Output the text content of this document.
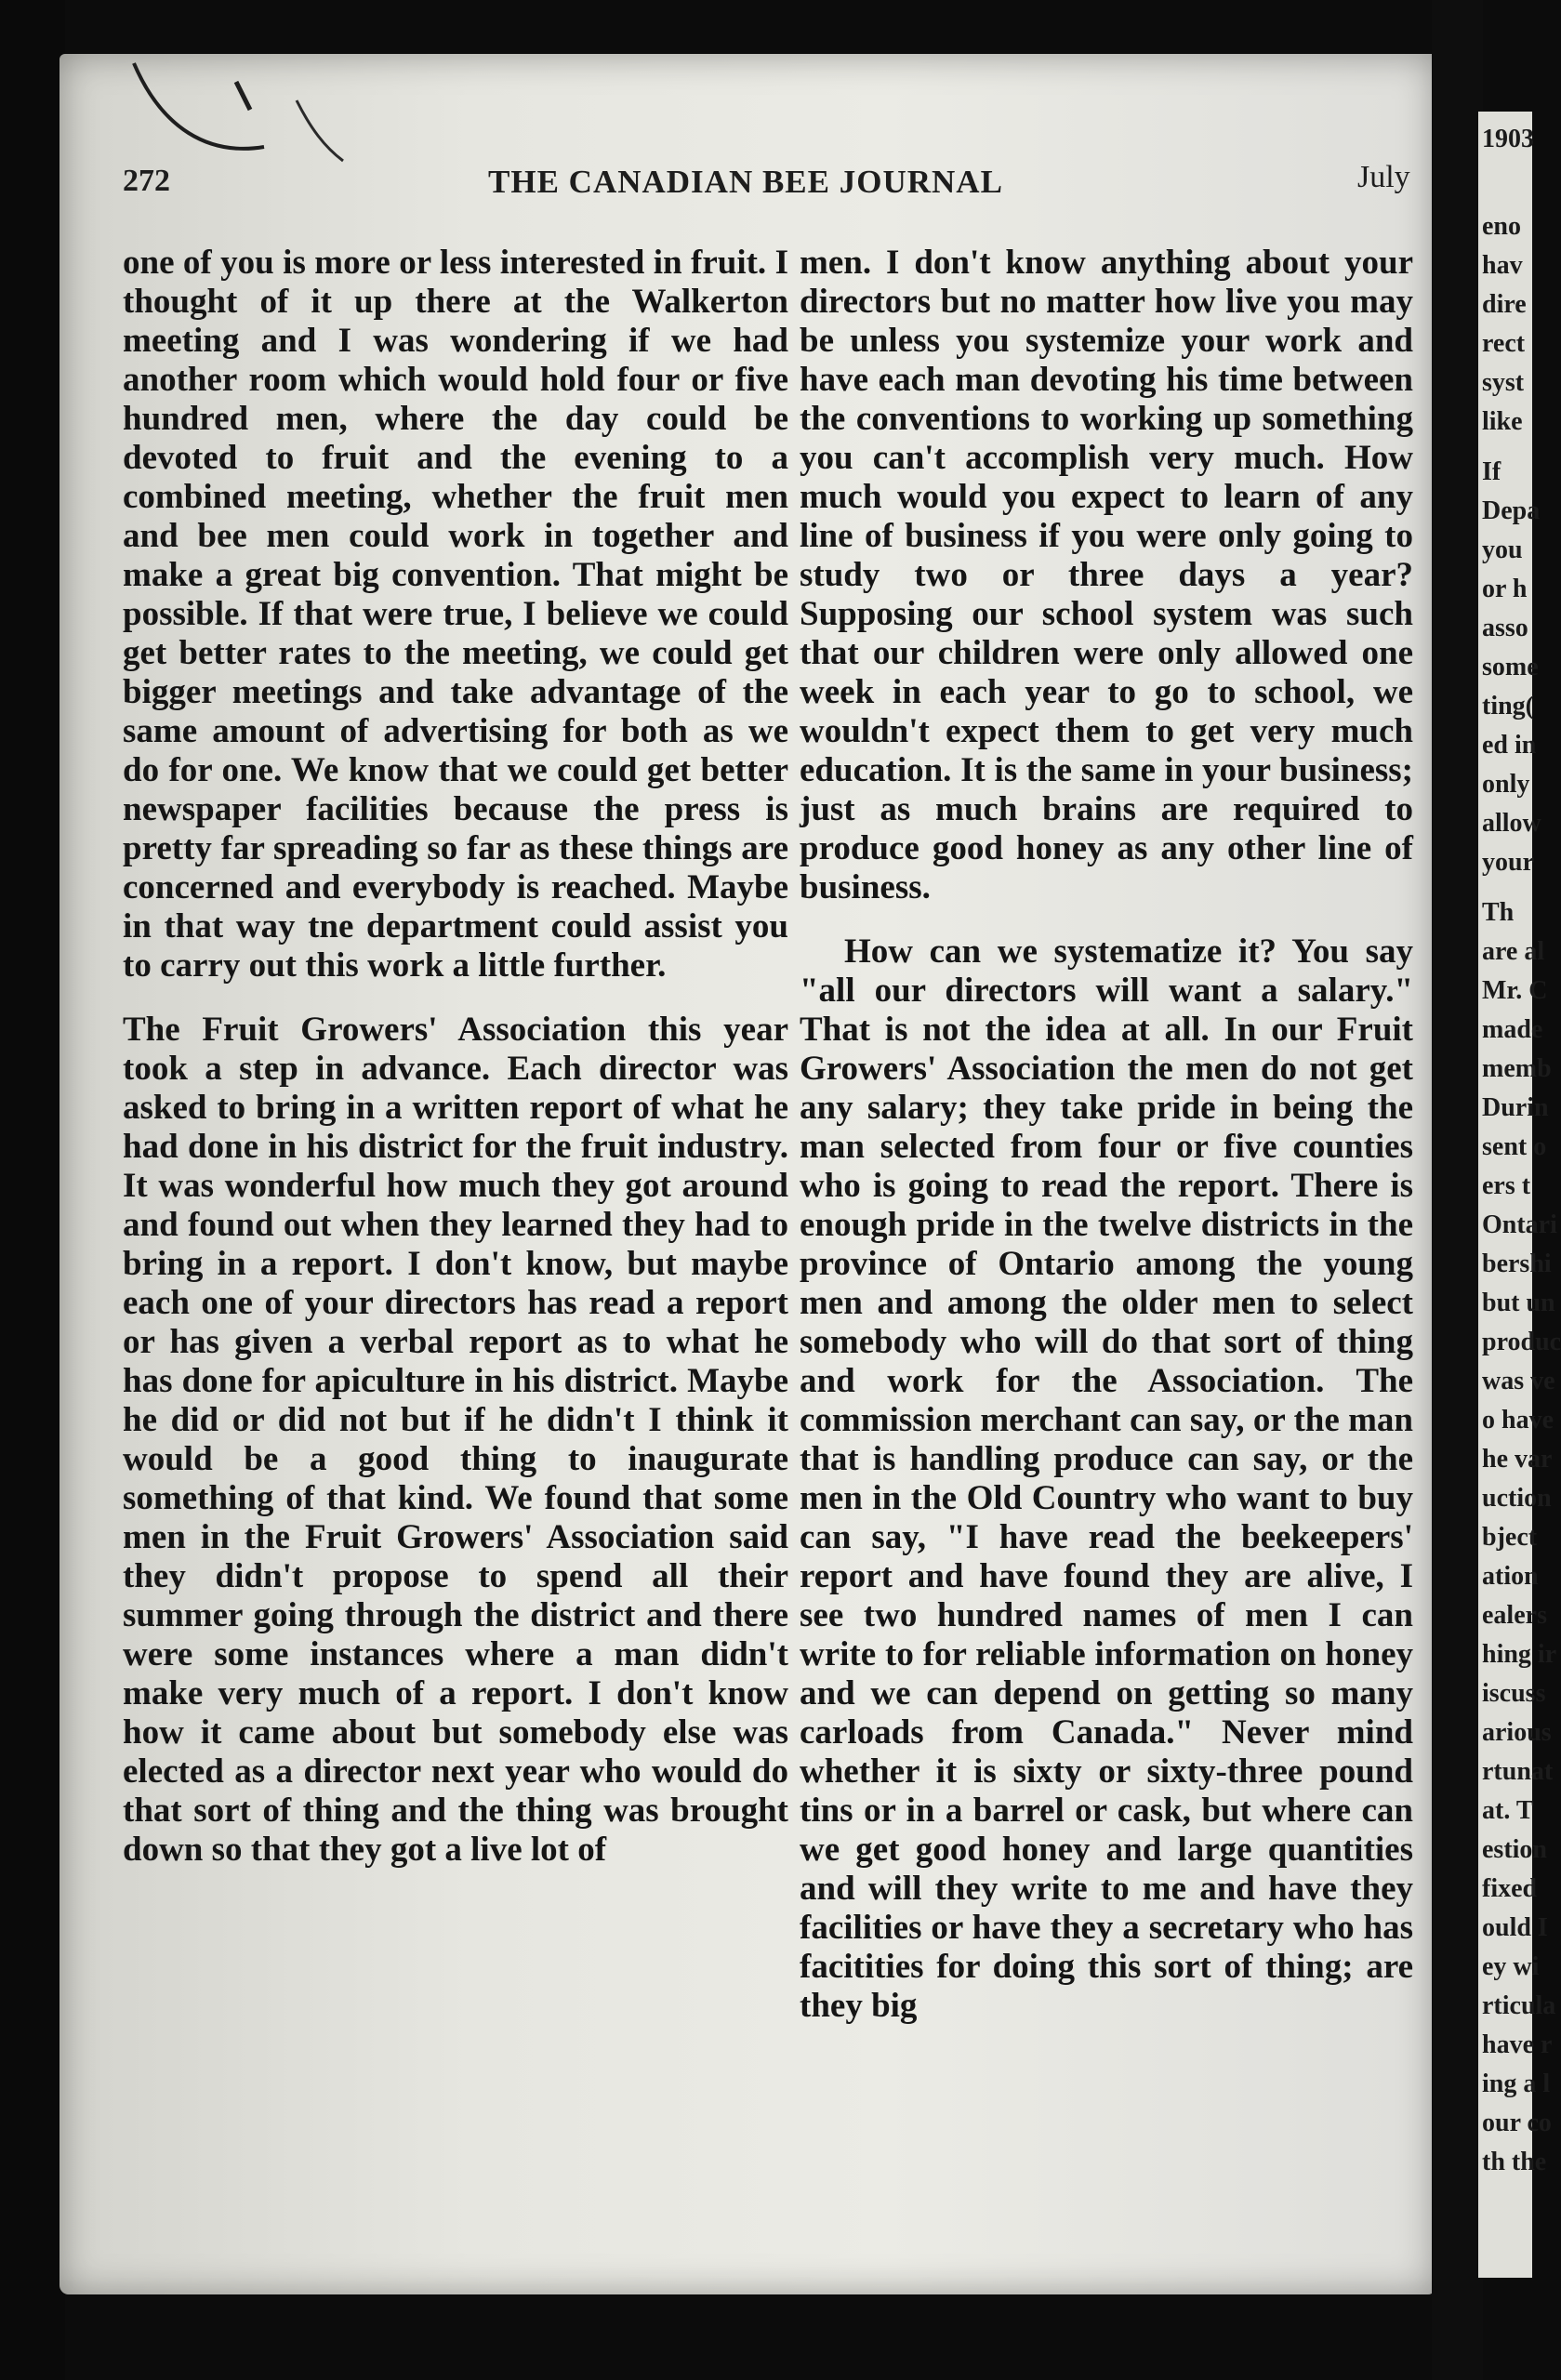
272	THE CANADIAN BEE JOURNAL	July

one of you is more or less interested in fruit. I thought of it up there at the Walkerton meeting and I was wondering if we had another room which would hold four or five hundred men, where the day could be devoted to fruit and the evening to a combined meeting, whether the fruit men and bee men could work in together and make a great big convention. That might be possible. If that were true, I believe we could get better rates to the meeting, we could get bigger meetings and take advantage of the same amount of advertising for both as we do for one. We know that we could get better newspaper facilities because the press is pretty far spreading so far as these things are concerned and everybody is reached. Maybe in that way tne department could assist you to carry out this work a little further.

The Fruit Growers' Association this year took a step in advance. Each director was asked to bring in a written report of what he had done in his district for the fruit industry. It was wonderful how much they got around and found out when they learned they had to bring in a report. I don't know, but maybe each one of your directors has read a report or has given a verbal report as to what he has done for apiculture in his district. Maybe he did or did not but if he didn't I think it would be a good thing to inaugurate something of that kind. We found that some men in the Fruit Growers' Association said they didn't propose to spend all their summer going through the district and there were some instances where a man didn't make very much of a report. I don't know how it came about but somebody else was elected as a director next year who would do that sort of thing and the thing was brought down so that they got a live lot of

men. I don't know anything about your directors but no matter how live you may be unless you systemize your work and have each man devoting his time between the conventions to working up something you can't accomplish very much. How much would you expect to learn of any line of business if you were only going to study two or three days a year? Supposing our school system was such that our children were only allowed one week in each year to go to school, we wouldn't expect them to get very much education. It is the same in your business; just as much brains are required to produce good honey as any other line of business.

How can we systematize it? You say "all our directors will want a salary." That is not the idea at all. In our Fruit Growers' Association the men do not get any salary; they take pride in being the man selected from four or five counties who is going to read the report. There is enough pride in the twelve districts in the province of Ontario among the young men and among the older men to select somebody who will do that sort of thing and work for the Association. The commission merchant can say, or the man that is handling produce can say, or the men in the Old Country who want to buy can say, "I have read the beekeepers' report and have found they are alive, I see two hundred names of men I can write to for reliable information on honey and we can depend on getting so many carloads from Canada." Never mind whether it is sixty or sixty-three pound tins or in a barrel or cask, but where can we get good honey and large quantities and will they write to me and have they facilities or have they a secretary who has facitities for doing this sort of thing; are they big

1903
eno
hav
dire
rect
syst
like
If
Depa
you
or h
asso
some
ting(
ed in
only
allow
your
Th
are al
Mr. C
made
memb
Durin
sent o
ers t
Ontari
bershi
but un
produc
was ve
o have
he var
uction
bject
ation
ealers
hing ir
iscuss
arious
rtunat
at. T
estion
fixed
ould I
ey wi
rticula
have r
ing a l
our co
th the
